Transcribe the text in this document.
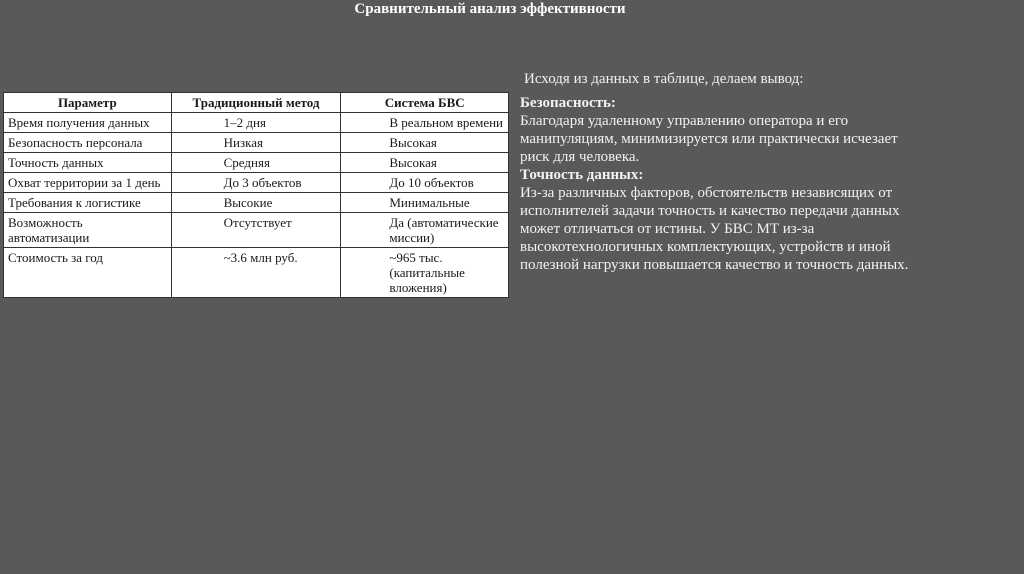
Сравнительный анализ эффективности
Параметр	Традиционный метод	Система БВС
Время получения данных	1–2 дня	В реальном времени
Безопасность персонала	Низкая	Высокая
Точность данных	Средняя	Высокая
Охват территории за 1 день	До 3 объектов	До 10 объектов
Требования к логистике	Высокие	Минимальные
Возможность автоматизации	Отсутствует	Да (автоматические миссии)
Стоимость за год	~3.6 млн руб.	~965 тыс. (капитальные вложения)

Исходя из данных в таблице, делаем вывод:

Безопасность:

Благодаря удаленному управлению оператора и его манипуляциям, минимизируется или практически исчезает риск для человека.

Точность данных:

Из-за различных факторов, обстоятельств независящих от исполнителей задачи точность и качество передачи данных может отличаться от истины. У БВС МТ из-за высокотехнологичных комплектующих, устройств и иной полезной нагрузки повышается качество и точность данных.
